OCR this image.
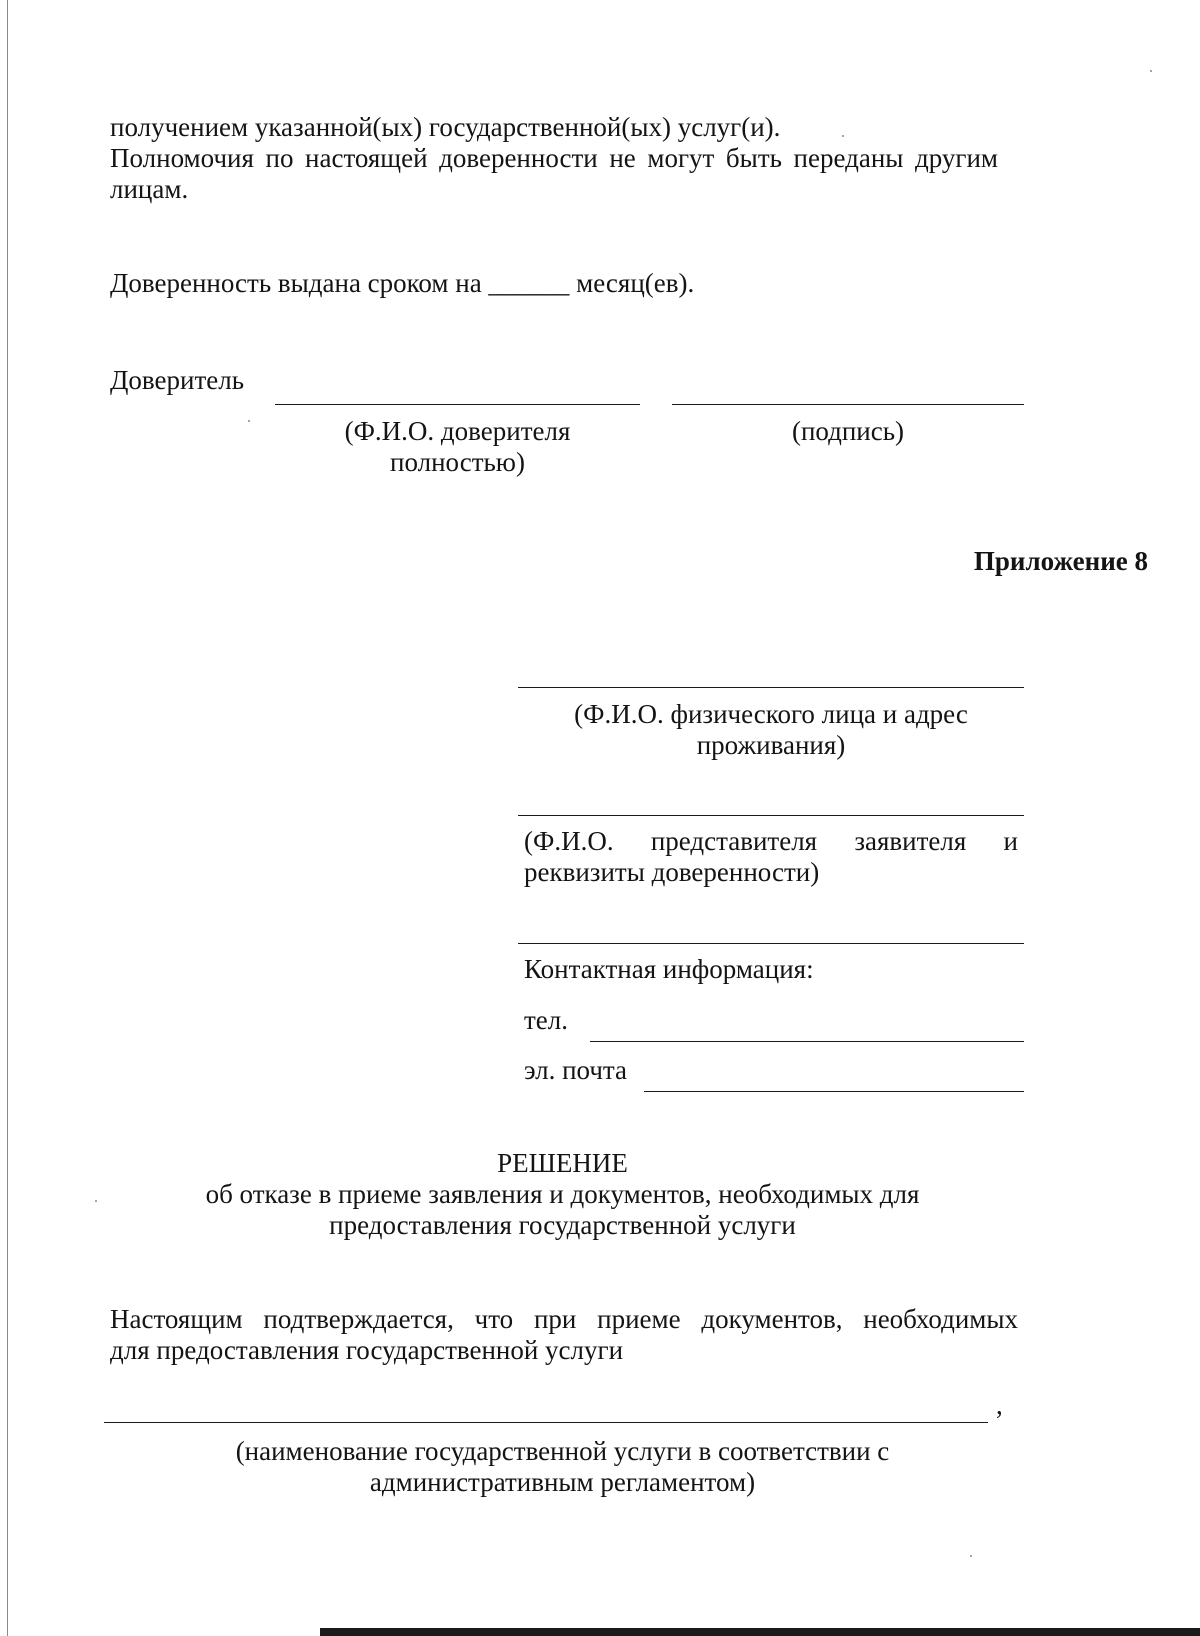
получением указанной(ых) государственной(ых) услуг(и).
Полномочия по настоящей доверенности не могут быть переданы другим
лицам.
Доверенность выдана сроком на ______ месяц(ев).
Доверитель
(Ф.И.О. доверителя
полностью)
(подпись)
Приложение 8
(Ф.И.О. физического лица и адрес
проживания)
(Ф.И.О. представителя заявителя и
реквизиты доверенности)
Контактная информация:
тел.
эл. почта
РЕШЕНИЕ
об отказе в приеме заявления и документов, необходимых для
предоставления государственной услуги
Настоящим подтверждается, что при приеме документов, необходимых
для предоставления государственной услуги
,
(наименование государственной услуги в соответствии с
административным регламентом)
